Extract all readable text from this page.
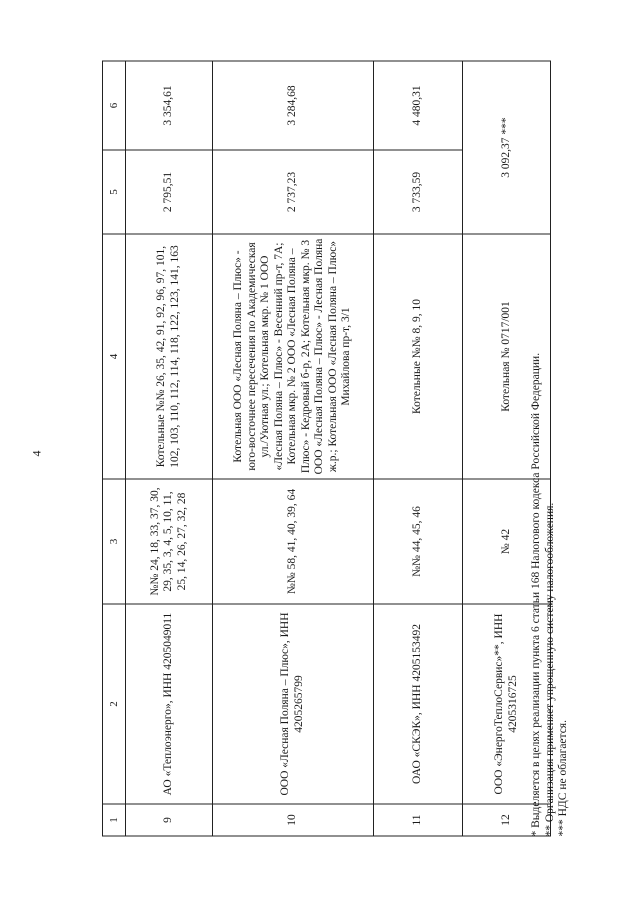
4
1	2	3	4	5	6
9	АО «Теплоэнерго», ИНН 4205049011	№№ 24, 18, 33, 37, 30, 29, 35, 3, 4, 5, 10, 11, 25, 14, 26, 27, 32, 28	Котельные №№ 26, 35, 42, 91, 92, 96, 97, 101, 102, 103, 110, 112, 114, 118, 122, 123, 141, 163	2 795,51	3 354,61
10	ООО «Лесная Поляна – Плюс», ИНН 4205265799	№№ 58, 41, 40, 39, 64	Котельная ООО «Лесная Поляна – Плюс» - юго-восточнее пересечения по Академическая ул./Уютная ул.; Котельная мкр. № 1 ООО «Лесная Поляна – Плюс» - Весенний пр-т, 7А; Котельная мкр. № 2 ООО «Лесная Поляна – Плюс» - Кедровый б-р, 2А; Котельная мкр. № 3 ООО «Лесная Поляна – Плюс» - Лесная Поляна ж.р.; Котельная ООО «Лесная Поляна – Плюс» Михайлова пр-т, 3/1	2 737,23	3 284,68
11	ОАО «СКЭК», ИНН 4205153492	№№ 44, 45, 46	Котельные №№ 8, 9, 10	3 733,59	4 480,31
12	ООО «ЭнергоТеплоСервис»**, ИНН 4205316725	№ 42	Котельная № 0717/001	3 092,37 ***	
* Выделяется в целях реализации пункта 6 статьи 168 Налогового кодекса Российской Федерации. ** Организация применяет упрощенную систему налогообложения. *** НДС не облагается.
